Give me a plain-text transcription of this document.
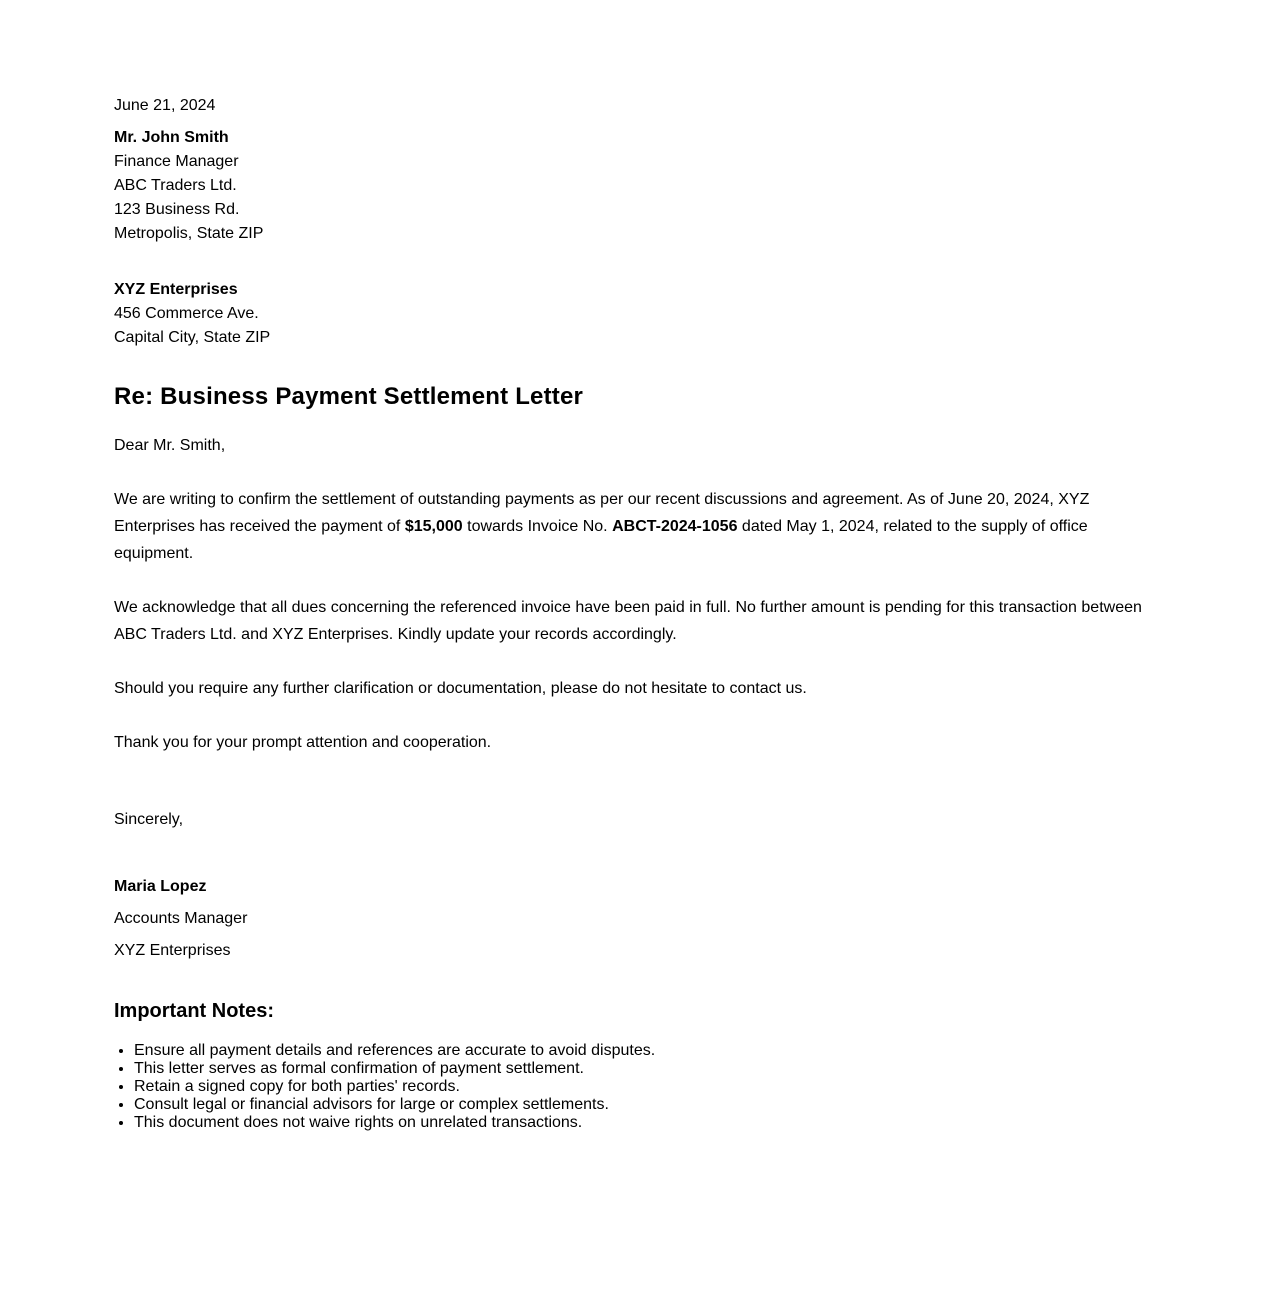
June 21, 2024

Mr. John Smith

Finance Manager

ABC Traders Ltd.

123 Business Rd.

Metropolis, State ZIP

XYZ Enterprises

456 Commerce Ave.

Capital City, State ZIP

Re: Business Payment Settlement Letter

Dear Mr. Smith,

We are writing to confirm the settlement of outstanding payments as per our recent discussions and agreement. As of June 20, 2024, XYZ Enterprises has received the payment of $15,000 towards Invoice No. ABCT-2024-1056 dated May 1, 2024, related to the supply of office equipment.

We acknowledge that all dues concerning the referenced invoice have been paid in full. No further amount is pending for this transaction between ABC Traders Ltd. and XYZ Enterprises. Kindly update your records accordingly.

Should you require any further clarification or documentation, please do not hesitate to contact us.

Thank you for your prompt attention and cooperation.

Sincerely,

Maria Lopez

Accounts Manager

XYZ Enterprises

Important Notes:
• Ensure all payment details and references are accurate to avoid disputes.
• This letter serves as formal confirmation of payment settlement.
• Retain a signed copy for both parties' records.
• Consult legal or financial advisors for large or complex settlements.
• This document does not waive rights on unrelated transactions.
